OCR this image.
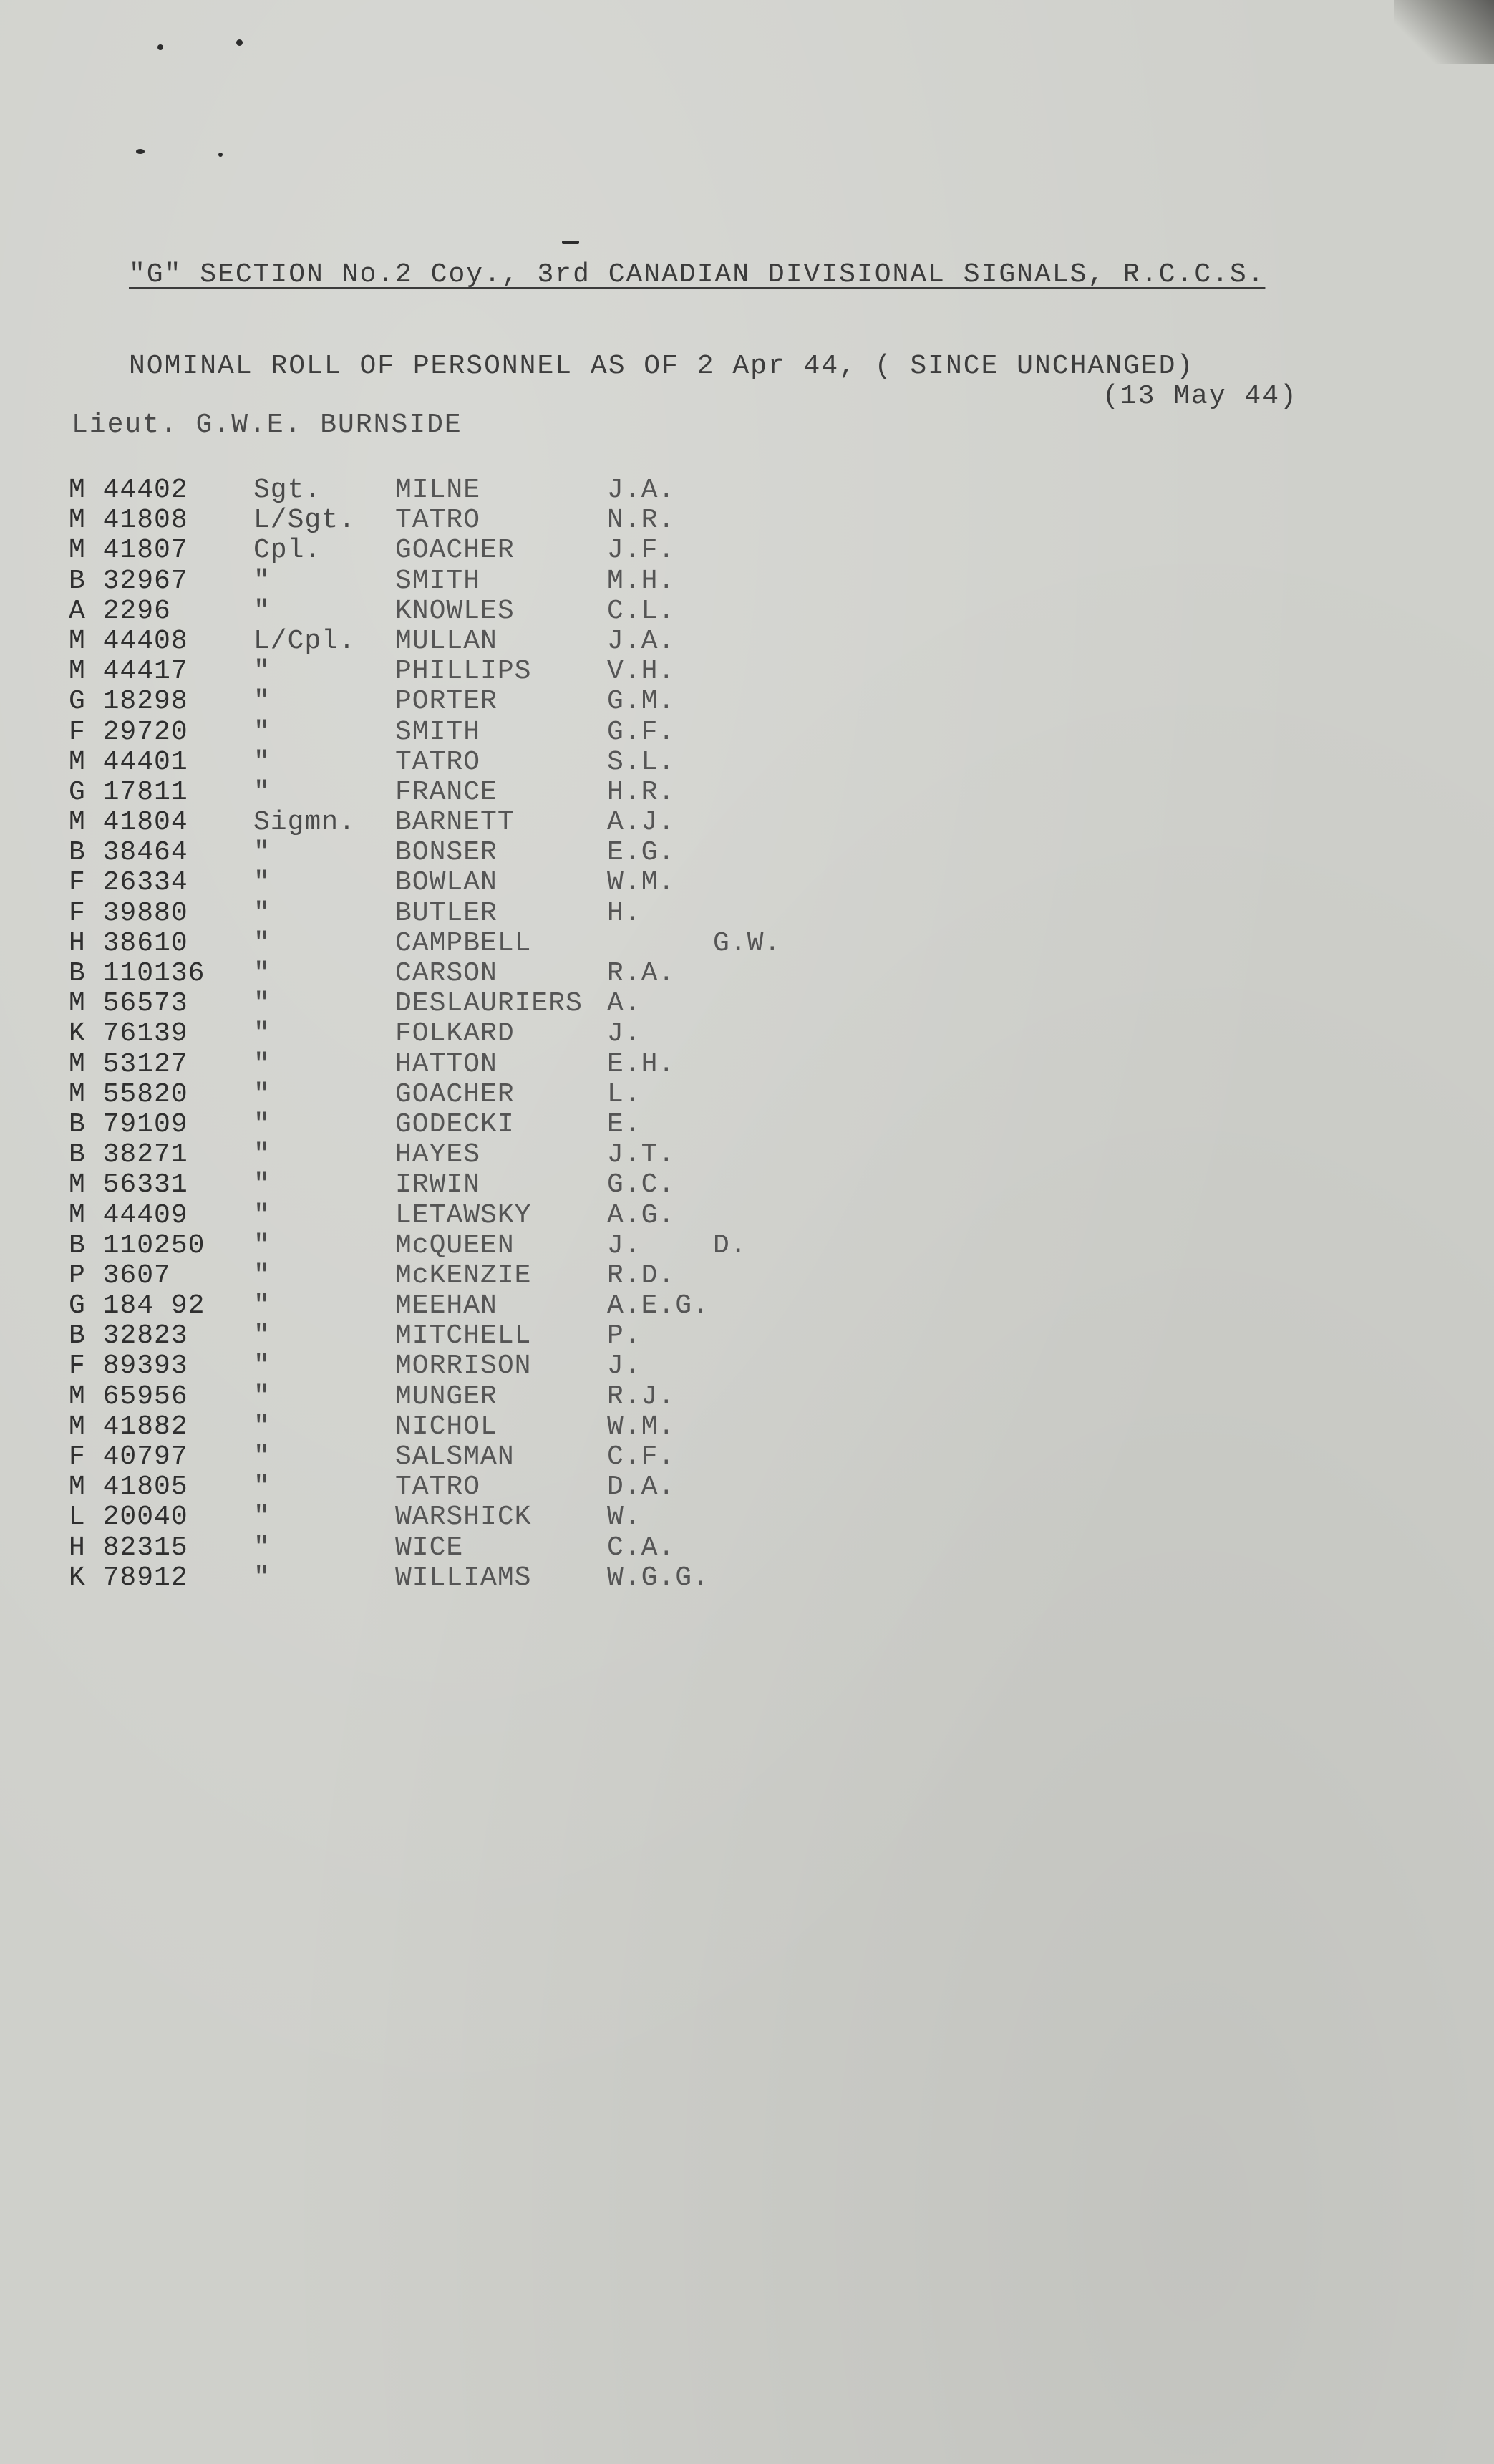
"G" SECTION No.2 Coy., 3rd CANADIAN DIVISIONAL SIGNALS, R.C.C.S.
NOMINAL ROLL OF PERSONNEL AS OF 2 Apr 44, ( SINCE UNCHANGED)
(13 May 44)
Lieut. G.W.E. BURNSIDE
M 44402 Sgt.	MILNE	J.A.
M 41808 L/Sgt. TATRO	N.R.
M 41807 Cpl.	GOACHER	J.F.
B 32967 "	SMITH	M.H.
A 2296	"	KNOWLES	C.L.
M 44408 L/Cpl. MULLAN	J.A.
M 44417 "	PHILLIPS	V.H.
G 18298 "	PORTER	G.M.
F 29720 "	SMITH	G.F.
M 44401 "	TATRO	S.L.
G 17811 "	FRANCE	H.R.
M 41804 Sigmn. BARNETT	A.J.
B 38464 "	BONSER	E.G.
F 26334 "	BOWLAN	W.M.
F 39880 "	BUTLER	H.
H 38610 "	CAMPBELL	G.W.
B 110136 "	CARSON	R.A.
M 56573 "	DESLAURIERS A.
K 76139 "	FOLKARD	J.
M 53127 "	HATTON	E.H.
M 55820 "	GOACHER	L.
B 79109 "	GODECKI	E.
B 38271 "	HAYES	J.T.
M 56331 "	IRWIN	G.C.
M 44409 "	LETAWSKY	A.G.
B 110250 "	McQUEEN	J.	D.
P 3607	"	McKENZIE	R.D.
G 184 92 "	MEEHAN	A.E.G.
B 32823 "	MITCHELL	P.
F 89393 "	MORRISON	J.
M 65956 "	MUNGER	R.J.
M 41882 "	NICHOL	W.M.
F 40797 "	SALSMAN	C.F.
M 41805 "	TATRO	D.A.
L 20040 "	WARSHICK	W.
H 82315 "	WICE	C.A.
K 78912 "	WILLIAMS	W.G.G.
